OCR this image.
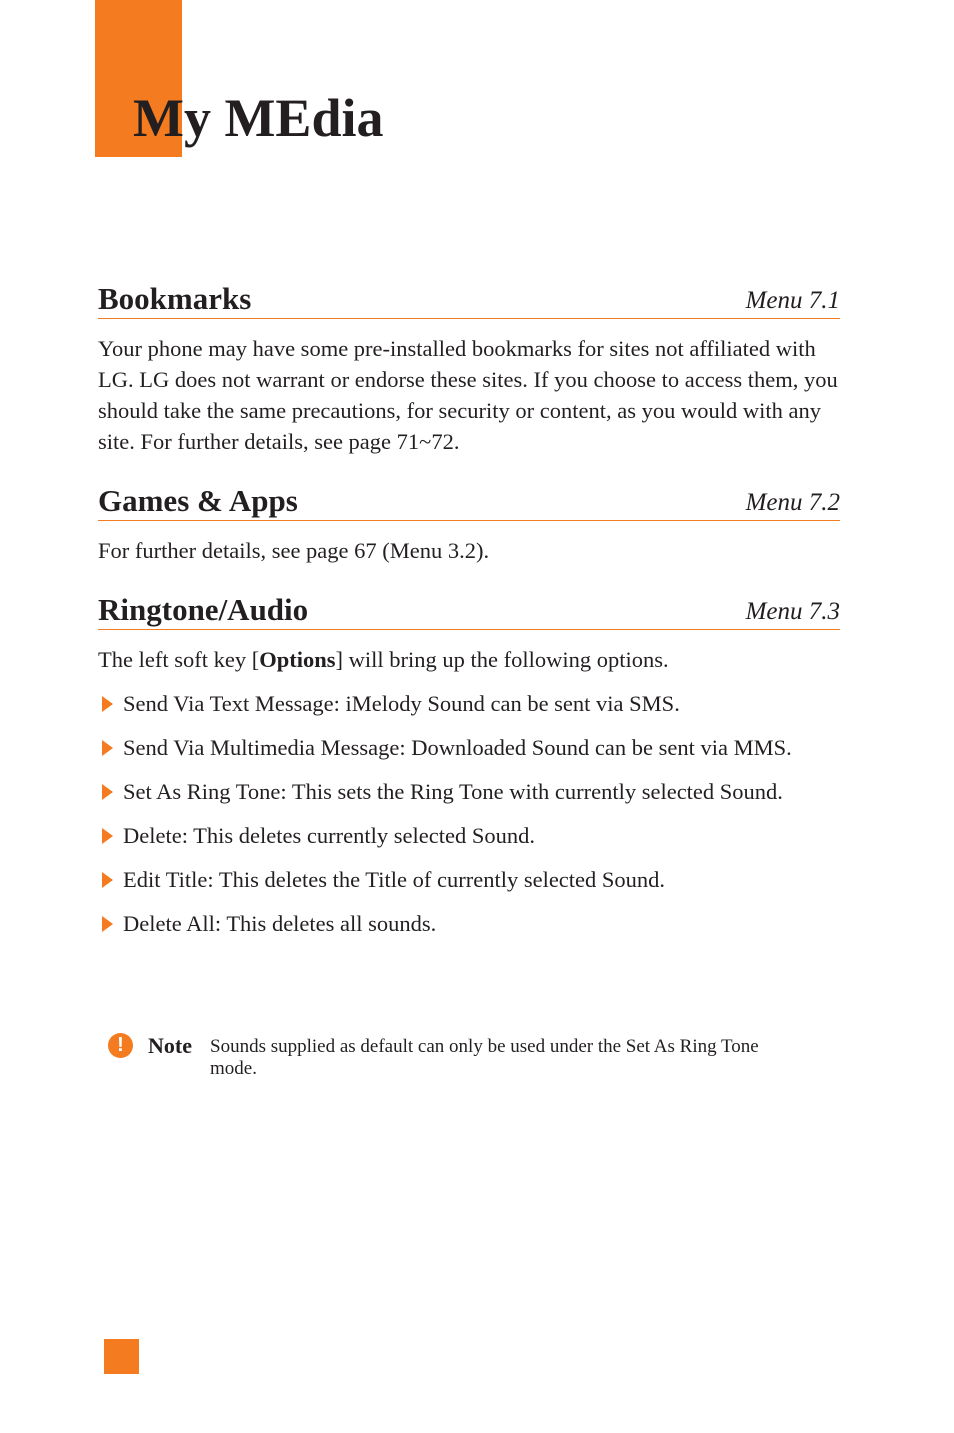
My MEdia
Bookmarks	Menu 7.1

Your phone may have some pre-installed bookmarks for sites not affiliated with LG. LG does not warrant or endorse these sites. If you choose to access them, you should take the same precautions, for security or content, as you would with any site. For further details, see page 71~72.

Games & Apps	Menu 7.2

For further details, see page 67 (Menu 3.2).

Ringtone/Audio	Menu 7.3

The left soft key [Options] will bring up the following options.

Send Via Text Message: iMelody Sound can be sent via SMS.
Send Via Multimedia Message: Downloaded Sound can be sent via MMS.
Set As Ring Tone: This sets the Ring Tone with currently selected Sound.
Delete: This deletes currently selected Sound.
Edit Title: This deletes the Title of currently selected Sound.
Delete All: This deletes all sounds.
!	Note Sounds supplied as default can only be used under the Set As Ring Tone mode.
